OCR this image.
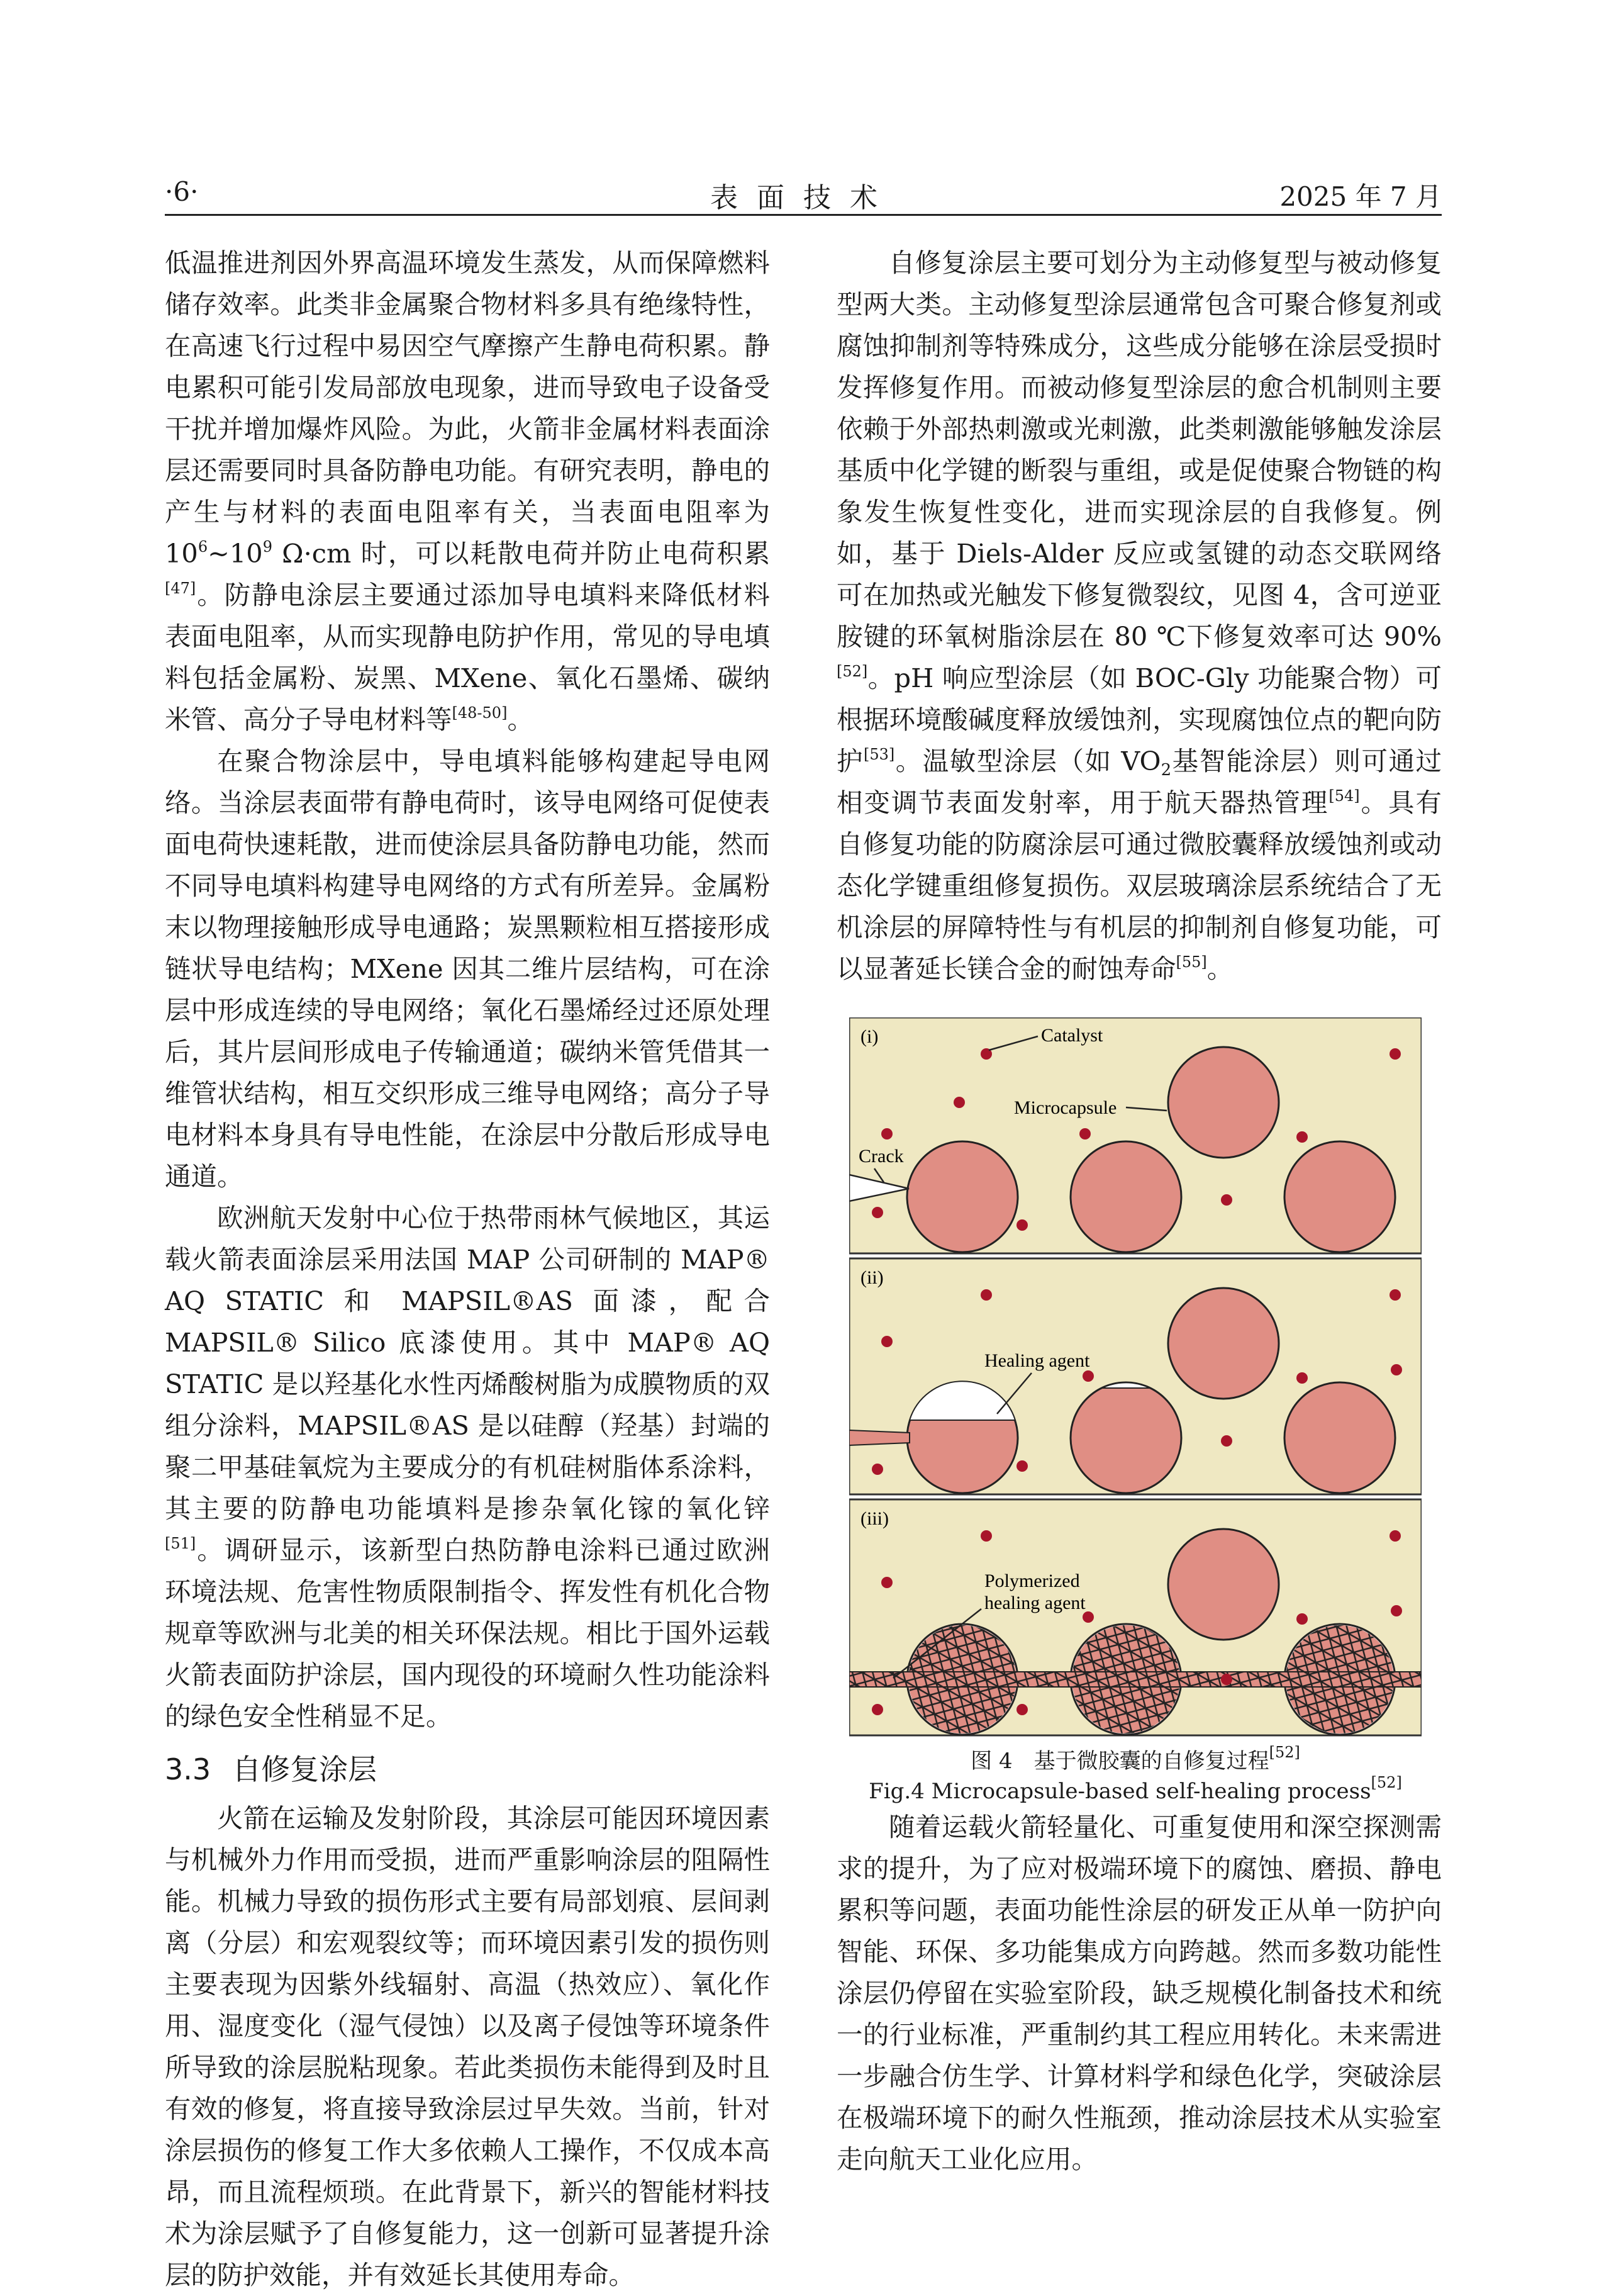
·6·	表面技术	2025 年 7 月

低温推进剂因外界高温环境发生蒸发，从而保障燃料储存效率。此类非金属聚合物材料多具有绝缘特性，在高速飞行过程中易因空气摩擦产生静电荷积累。静电累积可能引发局部放电现象，进而导致电子设备受干扰并增加爆炸风险。为此，火箭非金属材料表面涂层还需要同时具备防静电功能。有研究表明，静电的产生与材料的表面电阻率有关，当表面电阻率为 $10^6\sim 10^9$ Ω·cm 时，可以耗散电荷并防止电荷积累[47]。防静电涂层主要通过添加导电填料来降低材料表面电阻率，从而实现静电防护作用，常见的导电填料包括金属粉、炭黑、MXene、氧化石墨烯、碳纳米管、高分子导电材料等[48-50]。

在聚合物涂层中，导电填料能够构建起导电网络。当涂层表面带有静电荷时，该导电网络可促使表面电荷快速耗散，进而使涂层具备防静电功能，然而不同导电填料构建导电网络的方式有所差异。金属粉末以物理接触形成导电通路；炭黑颗粒相互搭接形成链状导电结构；MXene 因其二维片层结构，可在涂层中形成连续的导电网络；氧化石墨烯经过还原处理后，其片层间形成电子传输通道；碳纳米管凭借其一维管状结构，相互交织形成三维导电网络；高分子导电材料本身具有导电性能，在涂层中分散后形成导电通道。

欧洲航天发射中心位于热带雨林气候地区，其运载火箭表面涂层采用法国 MAP 公司研制的 MAP® AQ STATIC 和 MAPSIL®AS 面漆，配合 MAPSIL® Silico 底漆使用。其中 MAP® AQ STATIC 是以羟基化水性丙烯酸树脂为成膜物质的双组分涂料，MAPSIL®AS 是以硅醇（羟基）封端的聚二甲基硅氧烷为主要成分的有机硅树脂体系涂料，其主要的防静电功能填料是掺杂氧化镓的氧化锌[51]。调研显示，该新型白热防静电涂料已通过欧洲环境法规、危害性物质限制指令、挥发性有机化合物规章等欧洲与北美的相关环保法规。相比于国外运载火箭表面防护涂层，国内现役的环境耐久性功能涂料的绿色安全性稍显不足。

3.3 自修复涂层

火箭在运输及发射阶段，其涂层可能因环境因素与机械外力作用而受损，进而严重影响涂层的阻隔性能。机械力导致的损伤形式主要有局部划痕、层间剥离（分层）和宏观裂纹等；而环境因素引发的损伤则主要表现为因紫外线辐射、高温（热效应）、氧化作用、湿度变化（湿气侵蚀）以及离子侵蚀等环境条件所导致的涂层脱粘现象。若此类损伤未能得到及时且有效的修复，将直接导致涂层过早失效。当前，针对涂层损伤的修复工作大多依赖人工操作，不仅成本高昂，而且流程烦琐。在此背景下，新兴的智能材料技术为涂层赋予了自修复能力，这一创新可显著提升涂层的防护效能，并有效延长其使用寿命。

自修复涂层主要可划分为主动修复型与被动修复型两大类。主动修复型涂层通常包含可聚合修复剂或腐蚀抑制剂等特殊成分，这些成分能够在涂层受损时发挥修复作用。而被动修复型涂层的愈合机制则主要依赖于外部热刺激或光刺激，此类刺激能够触发涂层基质中化学键的断裂与重组，或是促使聚合物链的构象发生恢复性变化，进而实现涂层的自我修复。例如，基于 Diels-Alder 反应或氢键的动态交联网络可在加热或光触发下修复微裂纹，见图 4，含可逆亚胺键的环氧树脂涂层在 80 ℃下修复效率可达 90%[52]。pH 响应型涂层（如 BOC-Gly 功能聚合物）可根据环境酸碱度释放缓蚀剂，实现腐蚀位点的靶向防护[53]。温敏型涂层（如 $VO_2$基智能涂层）则可通过相变调节表面发射率，用于航天器热管理[54]。具有自修复功能的防腐涂层可通过微胶囊释放缓蚀剂或动态化学键重组修复损伤。双层玻璃涂层系统结合了无机涂层的屏障特性与有机层的抑制剂自修复功能，可以显著延长镁合金的耐蚀寿命[55]。

(i)	Catalyst
Microcapsule
Crack
(ii)
Healing agent
(iii)
Polymerized
healing agent
图 4　基于微胶囊的自修复过程[52]
Fig.4 Microcapsule-based self-healing process[52]

随着运载火箭轻量化、可重复使用和深空探测需求的提升，为了应对极端环境下的腐蚀、磨损、静电累积等问题，表面功能性涂层的研发正从单一防护向智能、环保、多功能集成方向跨越。然而多数功能性涂层仍停留在实验室阶段，缺乏规模化制备技术和统一的行业标准，严重制约其工程应用转化。未来需进一步融合仿生学、计算材料学和绿色化学，突破涂层在极端环境下的耐久性瓶颈，推动涂层技术从实验室走向航天工业化应用。
